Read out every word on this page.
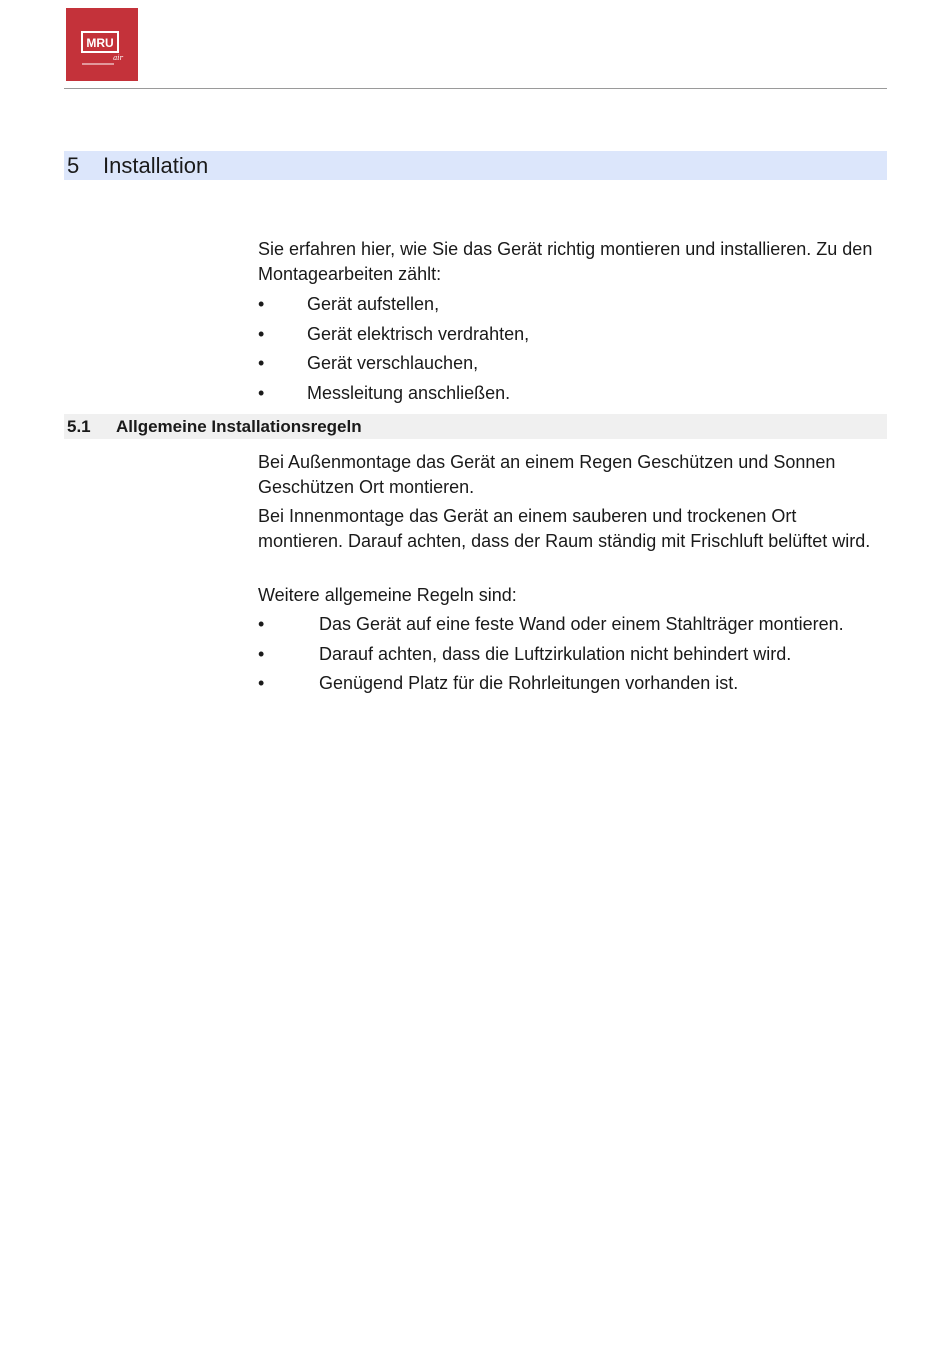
MRU
air
5 Installation

Sie erfahren hier, wie Sie das Gerät richtig montieren und installieren. Zu den Montagearbeiten zählt:

• Gerät aufstellen,
• Gerät elektrisch verdrahten,
• Gerät verschlauchen,
• Messleitung anschließen.
5.1 Allgemeine Installationsregeln

Bei Außenmontage das Gerät an einem Regen Geschützen und Sonnen Geschützen Ort montieren.

Bei Innenmontage das Gerät an einem sauberen und trockenen Ort montieren. Darauf achten, dass der Raum ständig mit Frischluft belüftet wird.

Weitere allgemeine Regeln sind:

•	Das Gerät auf eine feste Wand oder einem Stahlträger montieren.
•	Darauf achten, dass die Luftzirkulation nicht behindert wird.
•	Genügend Platz für die Rohrleitungen vorhanden ist.
